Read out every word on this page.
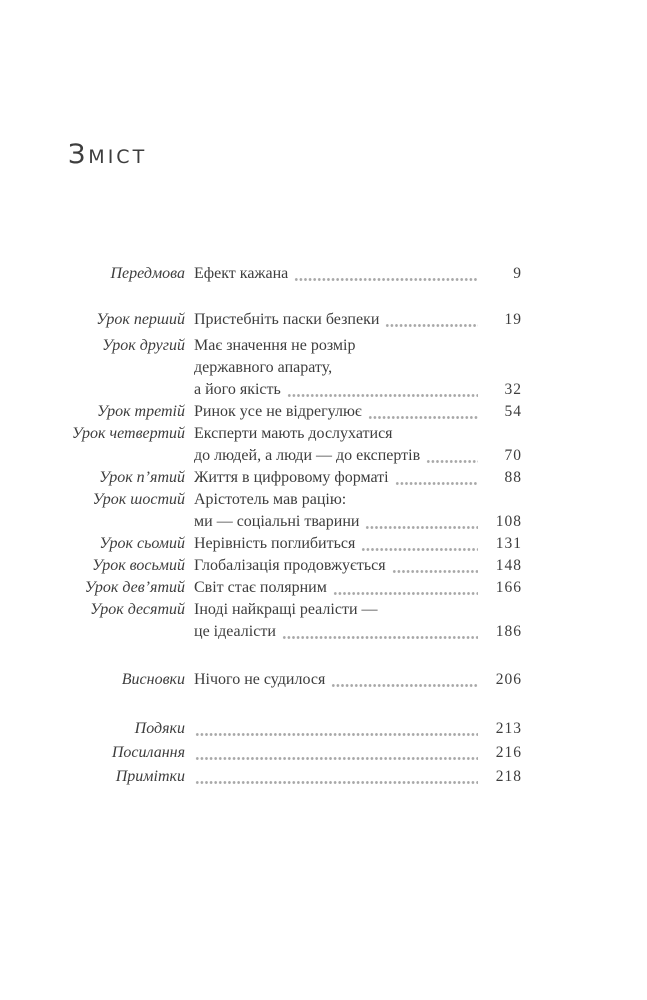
Зміст
Передмова Ефект кажана	9
Урок перший Пристебніть паски безпеки	19
Урок другий Має значення не розмір
державного апарату,
а його якість	32
Урок третій Ринок усе не відрегулює	54
Урок четвертий Експерти мають дослухатися
до людей, а люди — до експертів	70
Урок п’ятий Життя в цифровому форматі	88
Урок шостий Арістотель мав рацію:
ми — соціальні тварини	108
Урок сьомий Нерівність поглибиться	131
Урок восьмий Глобалізація продовжується	148
Урок дев’ятий Світ стає полярним	166
Урок десятий Іноді найкращі реалісти —
це ідеалісти	186
Висновки Нічого не судилося	206
Подяки	213
Посилання	216
Примітки	218
